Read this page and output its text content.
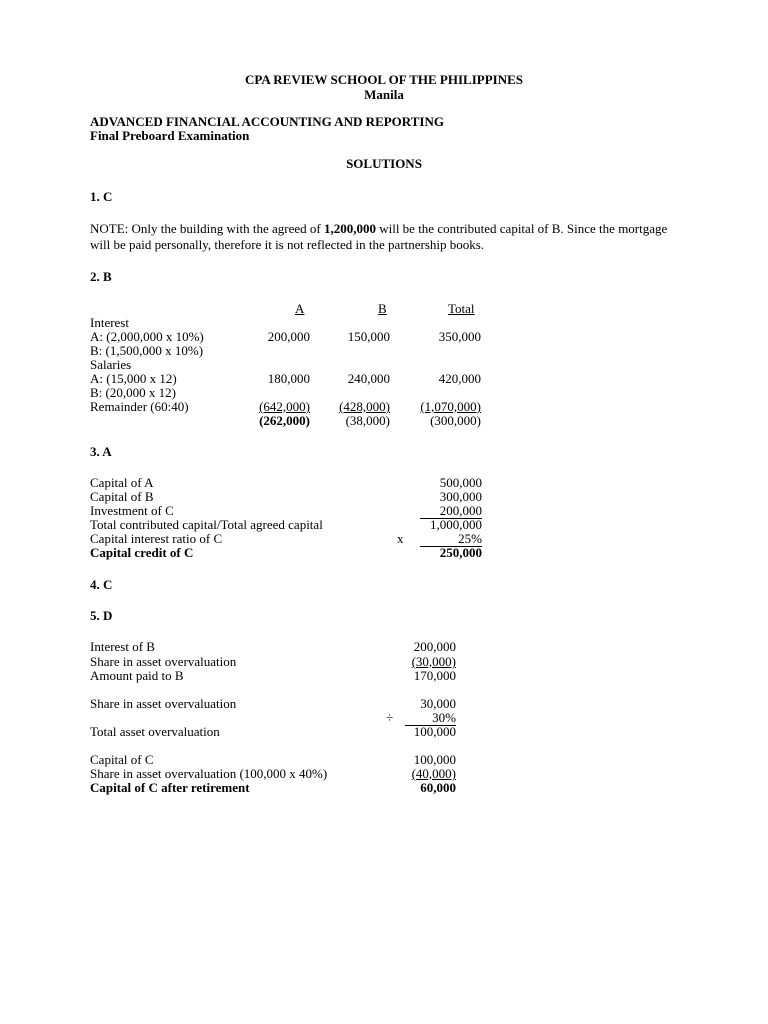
CPA REVIEW SCHOOL OF THE PHILIPPINES
Manila
ADVANCED FINANCIAL ACCOUNTING AND REPORTING
Final Preboard Examination
SOLUTIONS
1. C
NOTE: Only the building with the agreed of 1,200,000 will be the contributed capital of B. Since the mortgage will be paid personally, therefore it is not reflected in the partnership books.
2. B
A	B	Total
Interest
A: (2,000,000 x 10%)	200,000	150,000	350,000
B: (1,500,000 x 10%)
Salaries
A: (15,000 x 12)	180,000	240,000	420,000
B: (20,000 x 12)
Remainder (60:40)	(642,000)	(428,000)	(1,070,000)
(262,000)	(38,000)	(300,000)
3. A
Capital of A	500,000
Capital of B	300,000
Investment of C	200,000
Total contributed capital/Total agreed capital	1,000,000
Capital interest ratio of C	x	25%
Capital credit of C	250,000
4. C
5. D
Interest of B	200,000
Share in asset overvaluation	(30,000)
Amount paid to B	170,000
Share in asset overvaluation	30,000
÷	30%
Total asset overvaluation	100,000
Capital of C	100,000
Share in asset overvaluation (100,000 x 40%)	(40,000)
Capital of C after retirement	60,000
